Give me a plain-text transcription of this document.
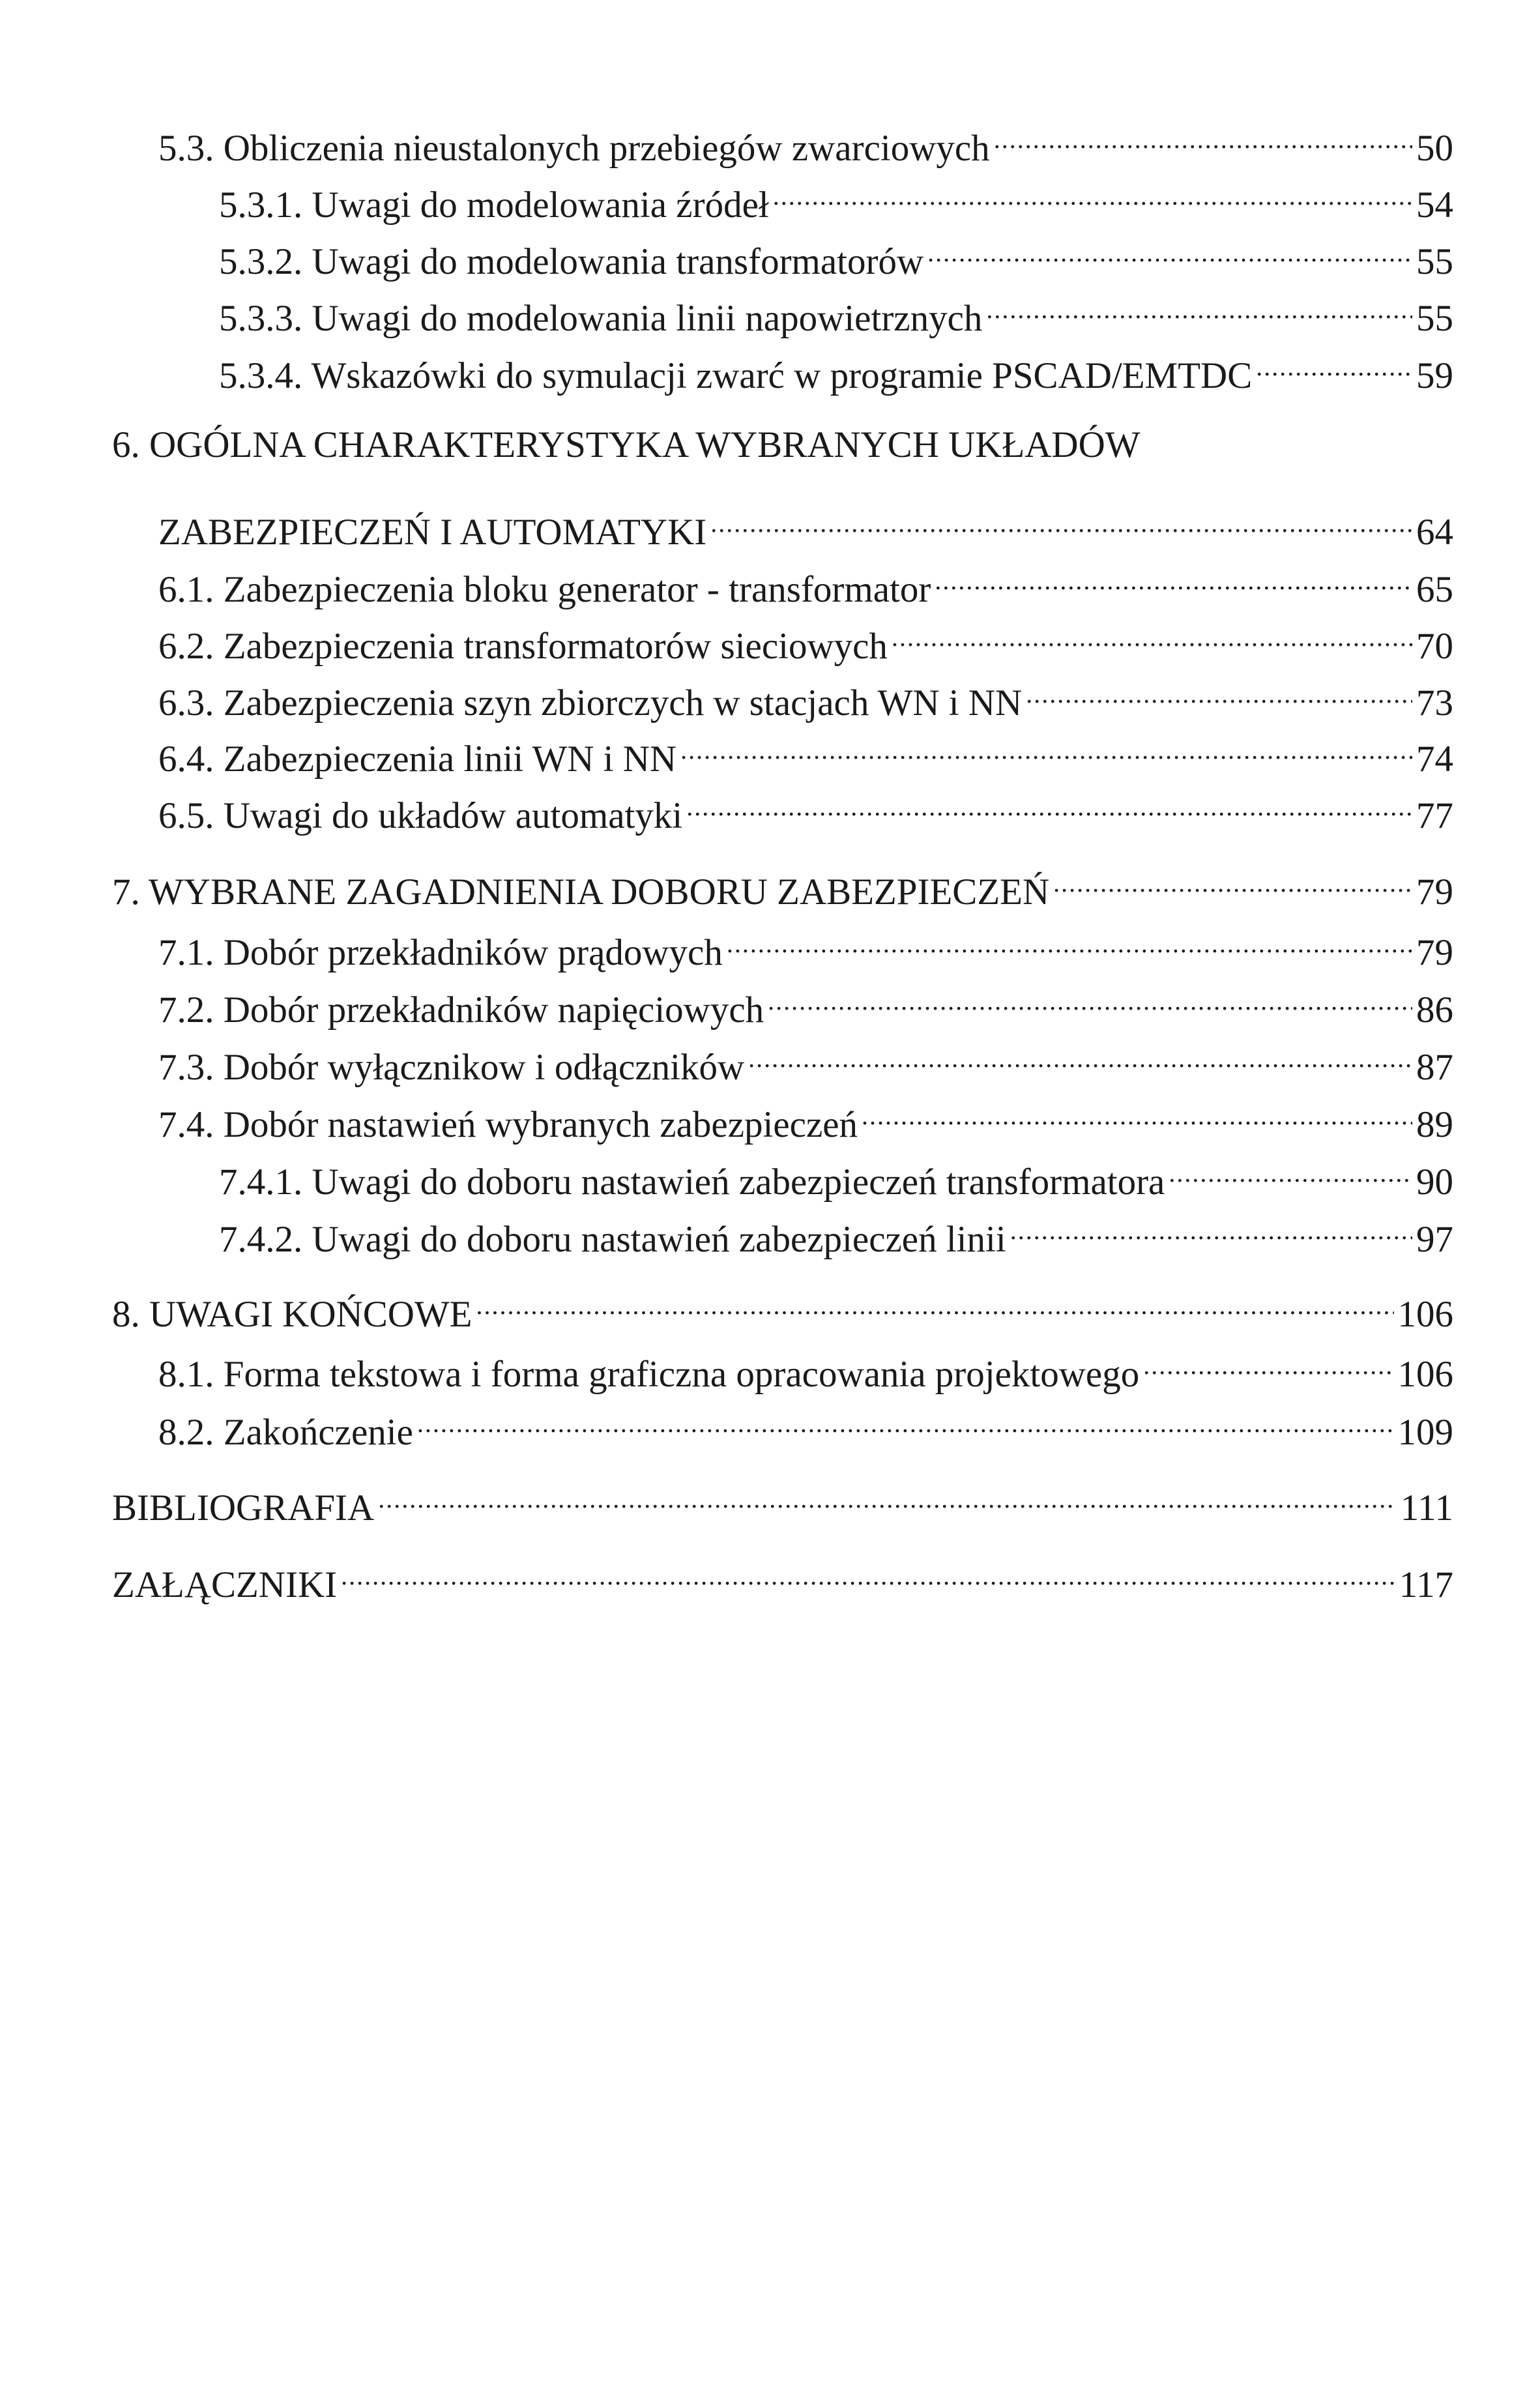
5.3. Obliczenia nieustalonych przebiegów zwarciowych .....	50
5.3.1. Uwagi do modelowania źródeł .....	54
5.3.2. Uwagi do modelowania transformatorów .....	55
5.3.3. Uwagi do modelowania linii napowietrznych .....	55
5.3.4. Wskazówki do symulacji zwarć w programie PSCAD/EMTDC .....	59
6. OGÓLNA CHARAKTERYSTYKA WYBRANYCH UKŁADÓW
ZABEZPIECZEŃ I AUTOMATYKI .....	64
6.1. Zabezpieczenia bloku generator - transformator .....	65
6.2. Zabezpieczenia transformatorów sieciowych .....	70
6.3. Zabezpieczenia szyn zbiorczych w stacjach WN i NN .....	73
6.4. Zabezpieczenia linii WN i NN .....	74
6.5. Uwagi do układów automatyki .....	77
7. WYBRANE ZAGADNIENIA DOBORU ZABEZPIECZEŃ .....	79
7.1. Dobór przekładników prądowych .....	79
7.2. Dobór przekładników napięciowych .....	86
7.3. Dobór wyłącznikow i odłączników .....	87
7.4. Dobór nastawień wybranych zabezpieczeń .....	89
7.4.1. Uwagi do doboru nastawień zabezpieczeń transformatora .....	90
7.4.2. Uwagi do doboru nastawień zabezpieczeń linii .....	97
8. UWAGI KOŃCOWE .....	106
8.1. Forma tekstowa i forma graficzna opracowania projektowego .....	106
8.2. Zakończenie .....	109
BIBLIOGRAFIA .....	111
ZAŁĄCZNIKI .....	117
